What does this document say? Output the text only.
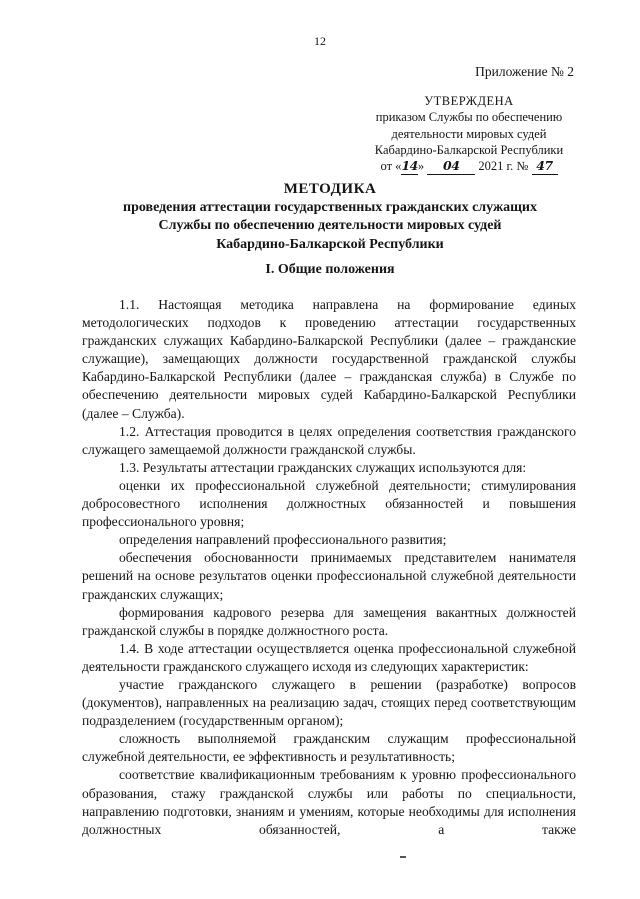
12
Приложение № 2
УТВЕРЖДЕНА
приказом Службы по обеспечению
деятельности мировых судей
Кабардино-Балкарской Республики
от «14» 04 2021 г. № 47
МЕТОДИКА
проведения аттестации государственных гражданских служащих
Службы по обеспечению деятельности мировых судей
Кабардино-Балкарской Республики
I. Общие положения

1.1. Настоящая методика направлена на формирование единых методологических подходов к проведению аттестации государственных гражданских служащих Кабардино-Балкарской Республики (далее – гражданские служащие), замещающих должности государственной гражданской службы Кабардино-Балкарской Республики (далее – гражданская служба) в Службе по обеспечению деятельности мировых судей Кабардино-Балкарской Республики (далее – Служба).

1.2. Аттестация проводится в целях определения соответствия гражданского служащего замещаемой должности гражданской службы.

1.3. Результаты аттестации гражданских служащих используются для:

оценки их профессиональной служебной деятельности; стимулирования добросовестного исполнения должностных обязанностей и повышения профессионального уровня;

определения направлений профессионального развития;

обеспечения обоснованности принимаемых представителем нанимателя решений на основе результатов оценки профессиональной служебной деятельности гражданских служащих;

формирования кадрового резерва для замещения вакантных должностей гражданской службы в порядке должностного роста.

1.4. В ходе аттестации осуществляется оценка профессиональной служебной деятельности гражданского служащего исходя из следующих характеристик:

участие гражданского служащего в решении (разработке) вопросов (документов), направленных на реализацию задач, стоящих перед соответствующим подразделением (государственным органом);

сложность выполняемой гражданским служащим профессиональной служебной деятельности, ее эффективность и результативность;

соответствие квалификационным требованиям к уровню профессионального образования, стажу гражданской службы или работы по специальности, направлению подготовки, знаниям и умениям, которые необходимы для исполнения должностных обязанностей, а также
